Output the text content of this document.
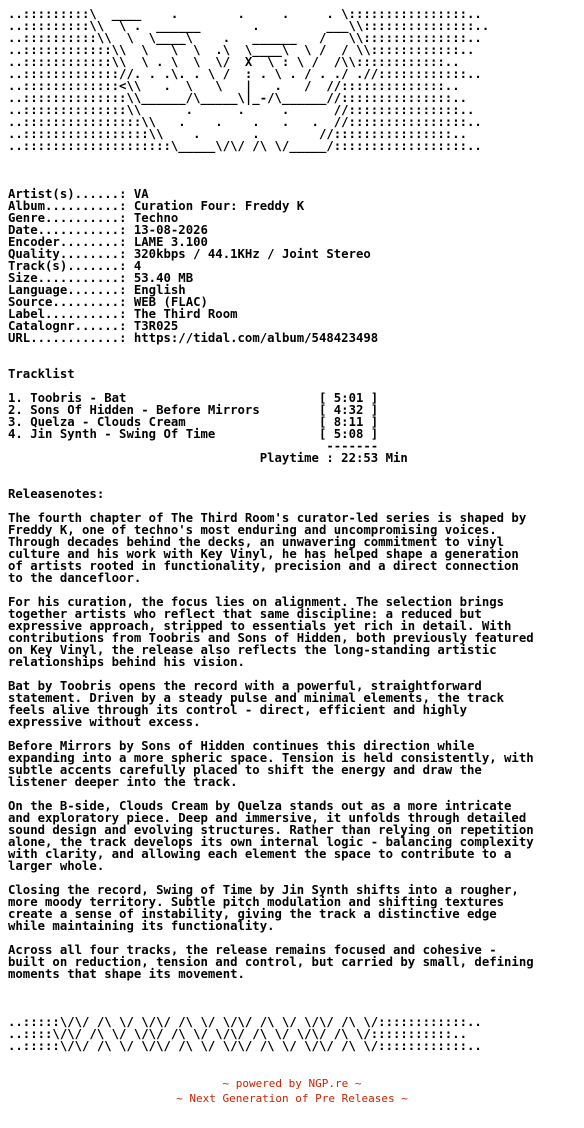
..:::::::::\  ____    .        .     .     . \::::::::::::::::..
..:::::::::\\  \ .  ______       .         ___\\:::::::::::::::..
..::::::::::\\  \  \____\    .   ______   /   \\::::::::::::::..
..::::::::::::\\  \   \  \  .\  \____\  \ /  / \\::::::::::::..
..::::::::::::\\  \ . \  \  \/  X  \ : \ /  /\\::::::::::::..
..::::::::::::://. . .\. . \ /  : . \ . / . ./ .//::::::::::::..
..:::::::::::::<\\   .  \   \   |   .   /  //::::::::::::::..
..::::::::::::::\\______/\_____\|_-/\______//:::::::::::::::..
..::::::::::::::\\      .      .     .      //:::::::::::::::..
..::::::::::::::::\\   .    .    .   .   .  //::::::::::::::::..
..:::::::::::::::::\\    .       .        //::::::::::::::::..
..::::::::::::::::::::\_____\/\/ /\ \/_____/::::::::::::::::::..

Artist(s)......: VA
Album..........: Curation Four: Freddy K
Genre..........: Techno
Date...........: 13-08-2026
Encoder........: LAME 3.100
Quality........: 320kbps / 44.1KHz / Joint Stereo
Track(s).......: 4
Size...........: 53.40 MB
Language.......: English
Source.........: WEB (FLAC)
Label..........: The Third Room
Catalognr......: T3R025
URL............: https://tidal.com/album/548423498

Tracklist

1. Toobris - Bat                          [ 5:01 ]
2. Sons Of Hidden - Before Mirrors        [ 4:32 ]
3. Quelza - Clouds Cream                  [ 8:11 ]
4. Jin Synth - Swing Of Time              [ 5:08 ]
-------
Playtime : 22:53 Min

Releasenotes:

The fourth chapter of The Third Room's curator-led series is shaped by
Freddy K, one of techno's most enduring and uncompromising voices.
Through decades behind the decks, an unwavering commitment to vinyl
culture and his work with Key Vinyl, he has helped shape a generation
of artists rooted in functionality, precision and a direct connection
to the dancefloor.

For his curation, the focus lies on alignment. The selection brings
together artists who reflect that same discipline: a reduced but
expressive approach, stripped to essentials yet rich in detail. With
contributions from Toobris and Sons of Hidden, both previously featured
on Key Vinyl, the release also reflects the long-standing artistic
relationships behind his vision.

Bat by Toobris opens the record with a powerful, straightforward
statement. Driven by a steady pulse and minimal elements, the track
feels alive through its control - direct, efficient and highly
expressive without excess.

Before Mirrors by Sons of Hidden continues this direction while
expanding into a more spheric space. Tension is held consistently, with
subtle accents carefully placed to shift the energy and draw the
listener deeper into the track.

On the B-side, Clouds Cream by Quelza stands out as a more intricate
and exploratory piece. Deep and immersive, it unfolds through detailed
sound design and evolving structures. Rather than relying on repetition
alone, the track develops its own internal logic - balancing complexity
with clarity, and allowing each element the space to contribute to a
larger whole.

Closing the record, Swing of Time by Jin Synth shifts into a rougher,
more moody territory. Subtle pitch modulation and shifting textures
create a sense of instability, giving the track a distinctive edge
while maintaining its functionality.

Across all four tracks, the release remains focused and cohesive -
built on reduction, tension and control, but carried by small, defining
moments that shape its movement.

..:::::\/\/ /\ \/ \/\/ /\ \/ \/\/ /\ \/ \/\/ /\ \/::::::::::::..
..::::\/\/ /\ \/ \/\/ /\ \/ \/\/ /\ \/ \/\/ /\ \/:::::::::::..
..:::::\/\/ /\ \/ \/\/ /\ \/ \/\/ /\ \/ \/\/ /\ \/::::::::::::..
~ powered by NGP.re ~
~ Next Generation of Pre Releases ~
